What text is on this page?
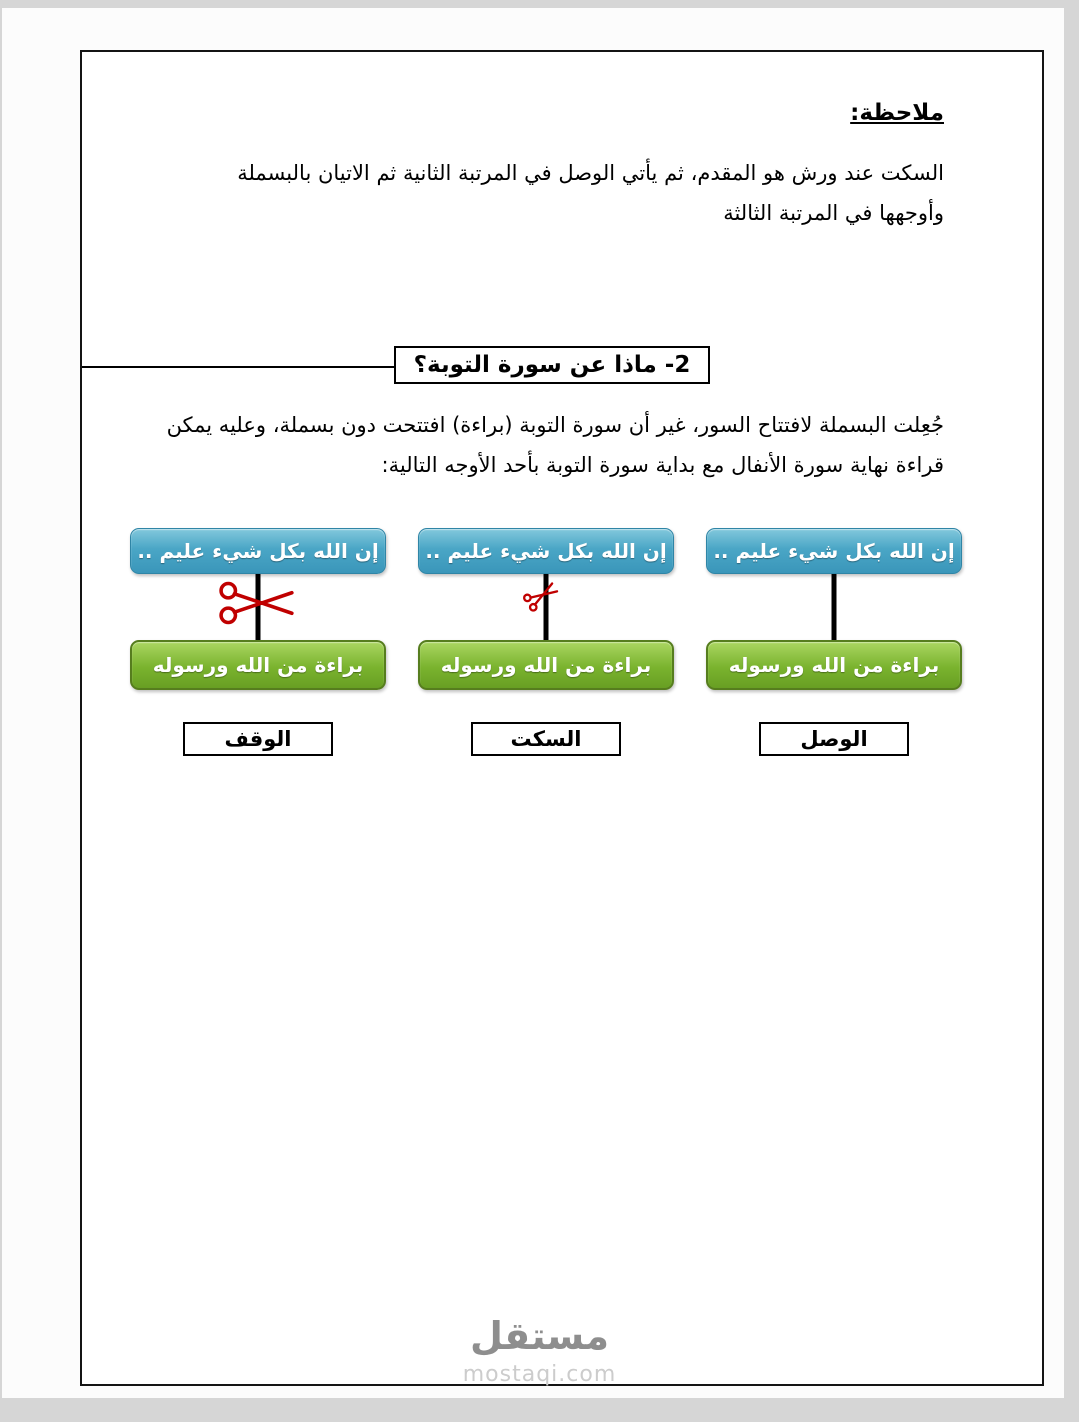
ملاحظة:
السكت عند ورش هو المقدم، ثم يأتي الوصل في المرتبة الثانية ثم الاتيان بالبسملة وأوجهها في المرتبة الثالثة
2- ماذا عن سورة التوبة؟
جُعِلت البسملة لافتتاح السور، غير أن سورة التوبة (براءة) افتتحت دون بسملة، وعليه يمكن قراءة نهاية سورة الأنفال مع بداية سورة التوبة بأحد الأوجه التالية:
إن الله بكل شيء عليم ..
براءة من الله ورسوله
الوصل
إن الله بكل شيء عليم ..
براءة من الله ورسوله
السكت
إن الله بكل شيء عليم ..
براءة من الله ورسوله
الوقف
مستقل
mostaqi.com
